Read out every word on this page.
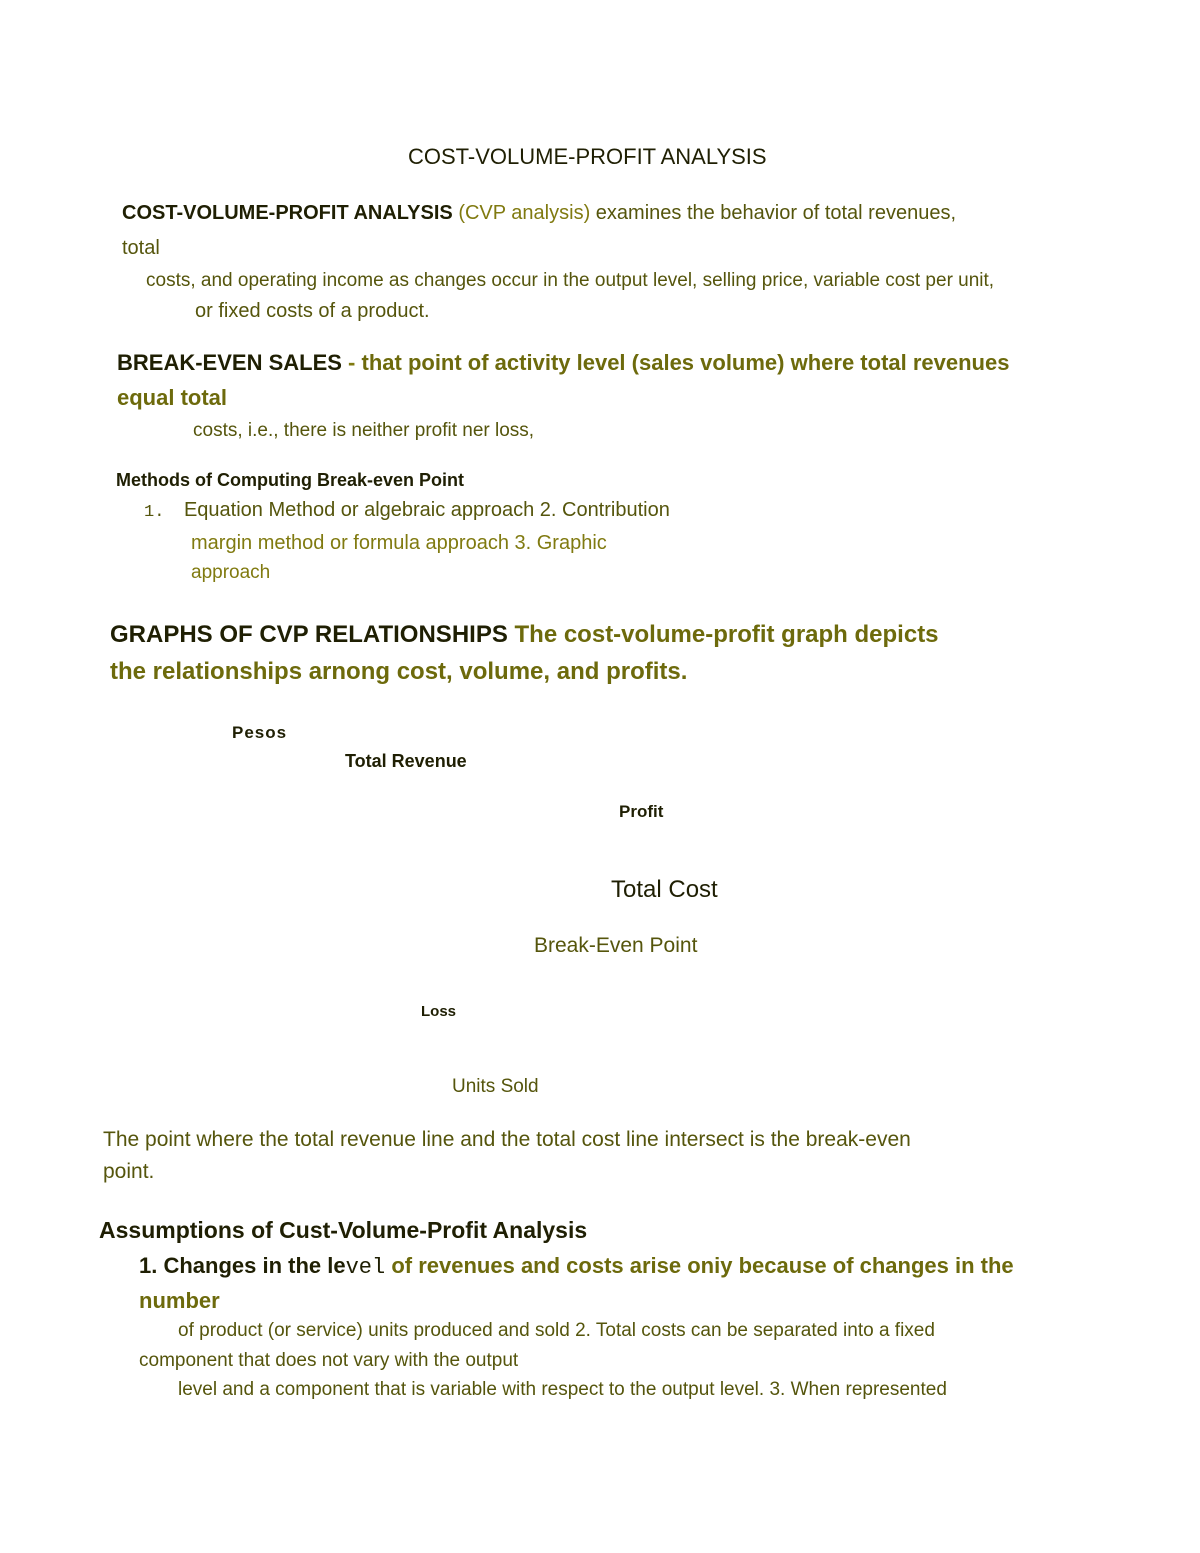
COST-VOLUME-PROFIT ANALYSIS
COST-VOLUME-PROFIT ANALYSIS (CVP analysis) examines the behavior of total revenues,
total
costs, and operating income as changes occur in the output level, selling price, variable cost per unit,
or fixed costs of a product.
BREAK-EVEN SALES - that point of activity level (sales volume) where total revenues
equal total
costs, i.e., there is neither profit ner loss,
Methods of Computing Break-even Point
1. Equation Method or algebraic approach 2. Contribution
margin method or formula approach 3. Graphic
approach
GRAPHS OF CVP RELATIONSHIPS The cost-volume-profit graph depicts
the relationships arnong cost, volume, and profits.
Pesos
Total Revenue
Profit
Total Cost
Break-Even Point
Loss
Units Sold
The point where the total revenue line and the total cost line intersect is the break-even
point.
Assumptions of Cust-Volume-Profit Analysis
1. Changes in the level of revenues and costs arise oniy because of changes in the
number
of product (or service) units produced and sold 2. Total costs can be separated into a fixed
component that does not vary with the output
level and a component that is variable with respect to the output level. 3. When represented
